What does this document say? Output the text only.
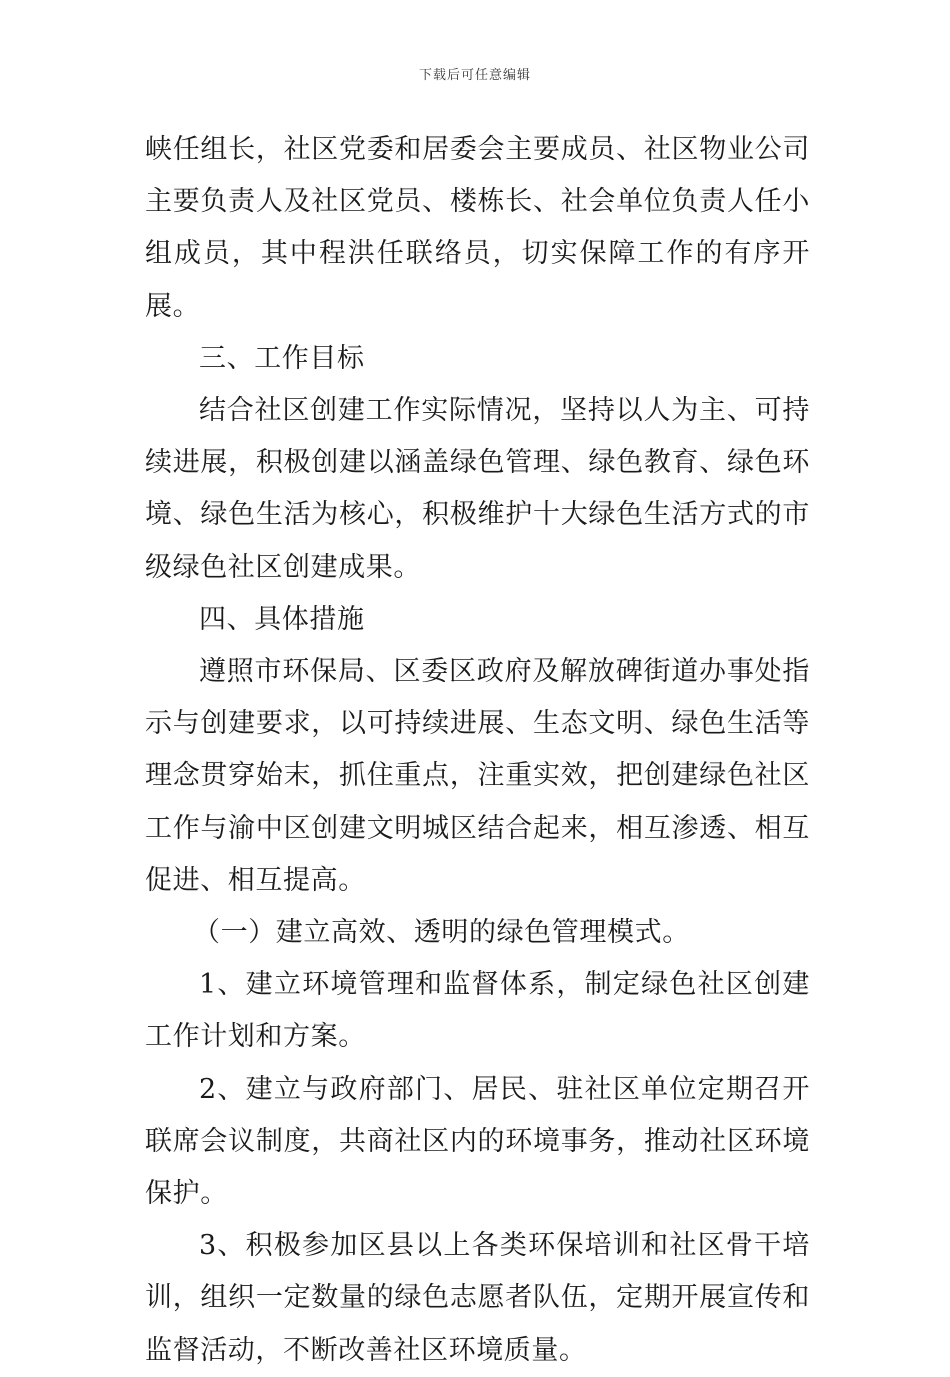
下载后可任意编辑

峡任组长，社区党委和居委会主要成员、社区物业公司主要负责人及社区党员、楼栋长、社会单位负责人任小组成员，其中程洪任联络员，切实保障工作的有序开展。

三、工作目标

结合社区创建工作实际情况，坚持以人为主、可持续进展，积极创建以涵盖绿色管理、绿色教育、绿色环境、绿色生活为核心，积极维护十大绿色生活方式的市级绿色社区创建成果。

四、具体措施

遵照市环保局、区委区政府及解放碑街道办事处指示与创建要求，以可持续进展、生态文明、绿色生活等理念贯穿始末，抓住重点，注重实效，把创建绿色社区工作与渝中区创建文明城区结合起来，相互渗透、相互促进、相互提高。

（一）建立高效、透明的绿色管理模式。

1、建立环境管理和监督体系，制定绿色社区创建工作计划和方案。

2、建立与政府部门、居民、驻社区单位定期召开联席会议制度，共商社区内的环境事务，推动社区环境保护。

3、积极参加区县以上各类环保培训和社区骨干培训，组织一定数量的绿色志愿者队伍，定期开展宣传和监督活动，不断改善社区环境质量。
